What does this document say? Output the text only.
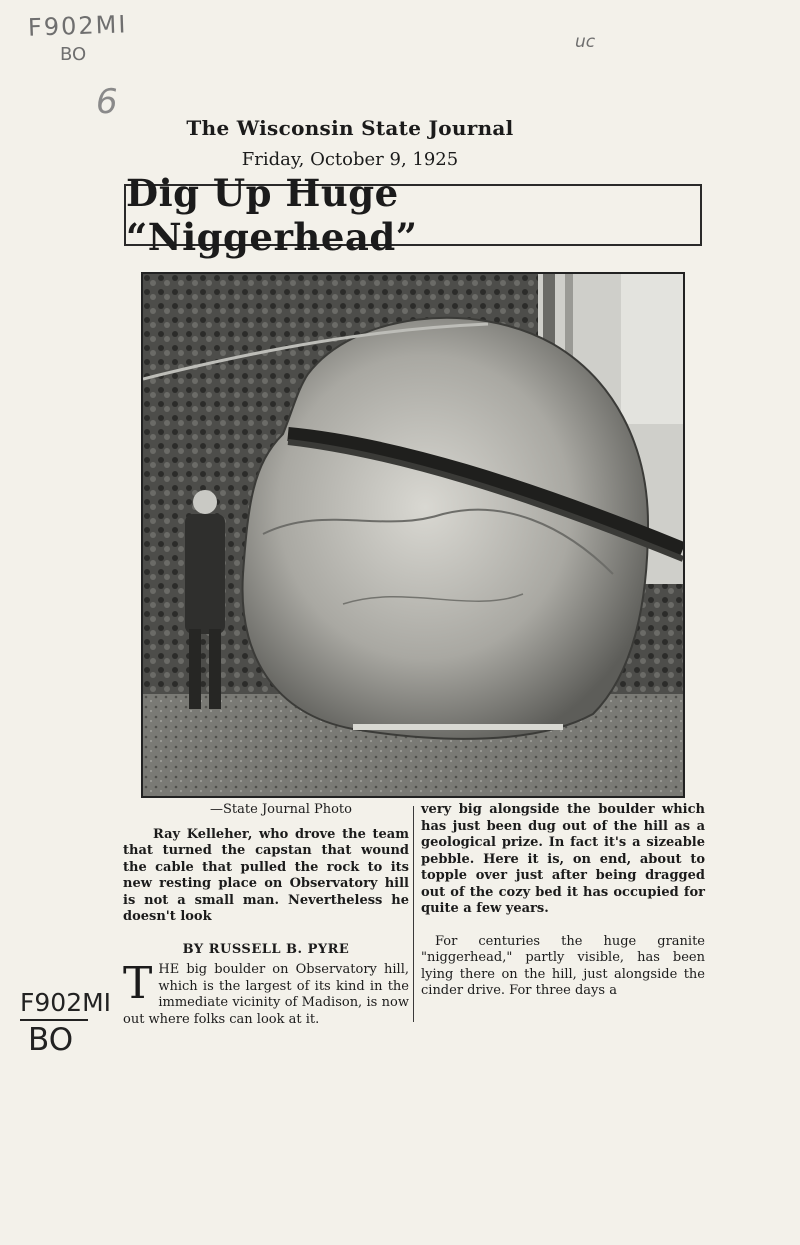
F902MI
BO
uc
6
The Wisconsin State Journal
Friday, October 9, 1925
Dig Up Huge “Niggerhead”
—State Journal Photo
Ray Kelleher, who drove the team that turned the capstan that wound the cable that pulled the rock to its new resting place on Observatory hill is not a small man. Nevertheless he doesn't look
BY RUSSELL B. PYRE
THE big boulder on Observatory hill, which is the largest of its kind in the immediate vicinity of Madison, is now out where folks can look at it.
very big alongside the boulder which has just been dug out of the hill as a geological prize. In fact it's a sizeable pebble. Here it is, on end, about to topple over just after being dragged out of the cozy bed it has occupied for quite a few years.
For centuries the huge granite "niggerhead," partly visible, has been lying there on the hill, just alongside the cinder drive. For three days a
F902MI
BO
